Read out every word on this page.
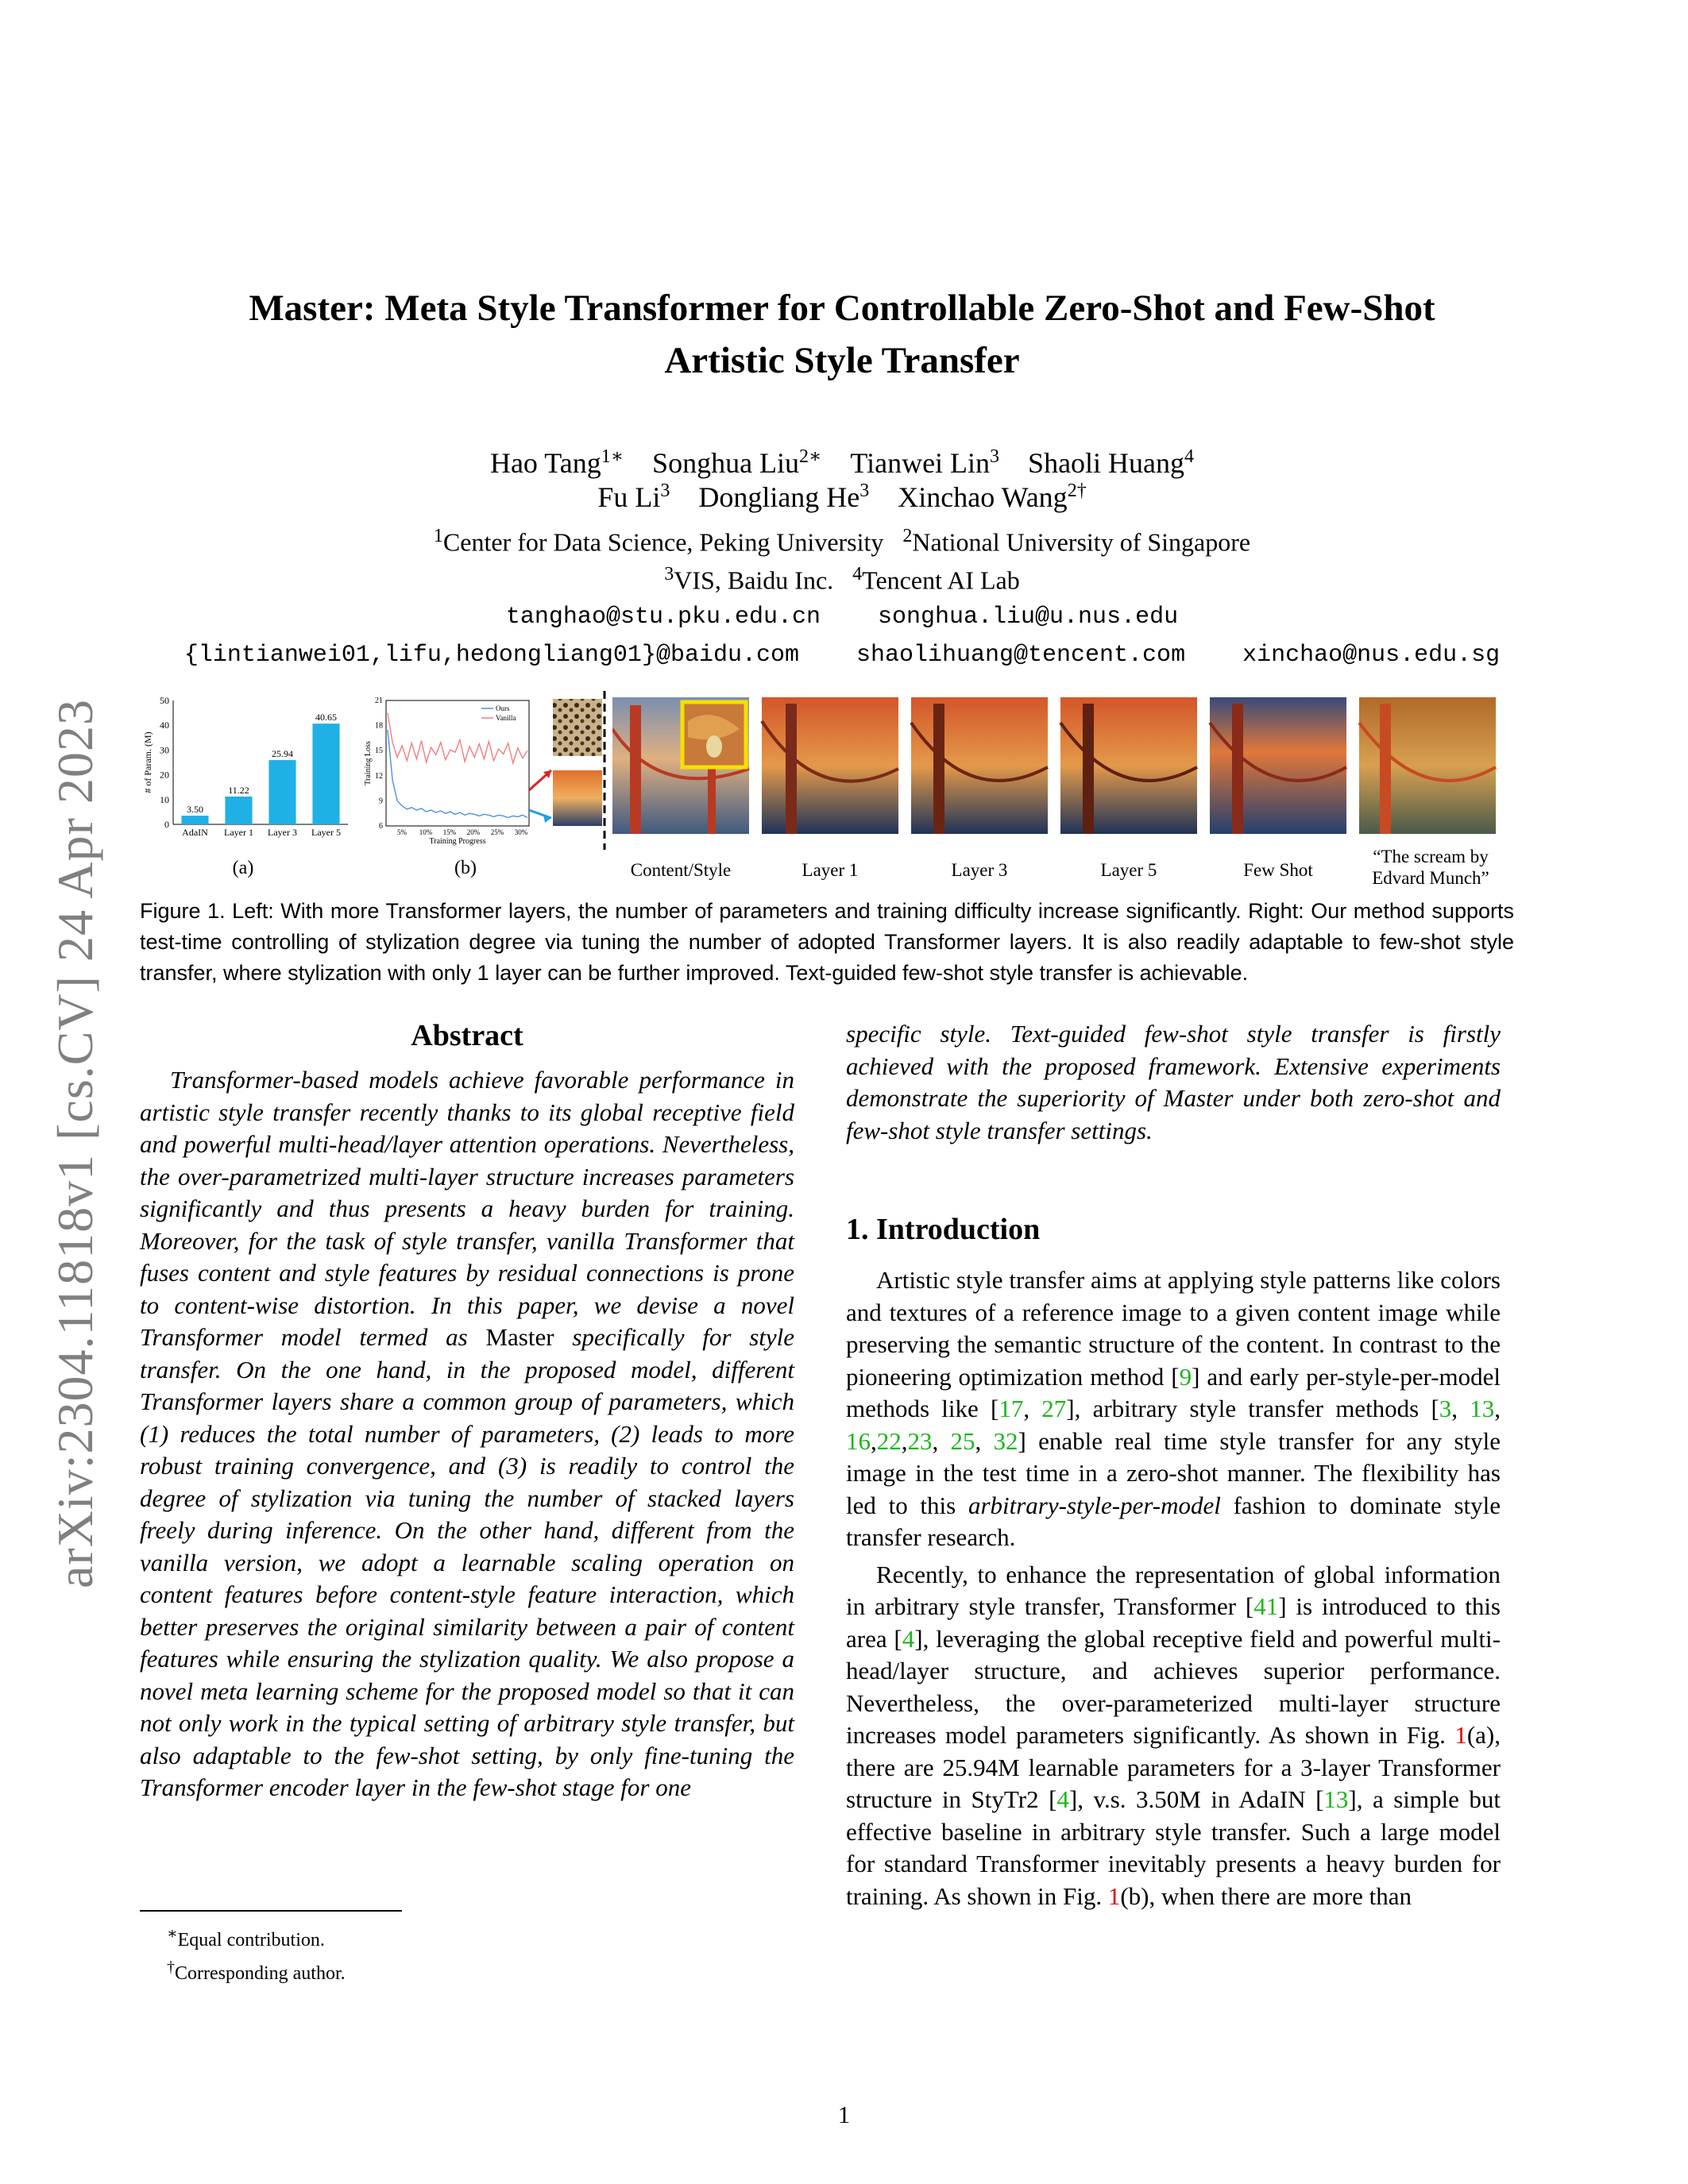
arXiv:2304.11818v1 [cs.CV] 24 Apr 2023
Master: Meta Style Transformer for Controllable Zero-Shot and Few-Shot
Artistic Style Transfer
Hao Tang$^{1∗}$ Songhua Liu$^{2∗}$ Tianwei Lin$^3$ Shaoli Huang$^4$
Fu Li$^3$ Dongliang He$^3$ Xinchao Wang$^{2\dagger}$
$^1$Center for Data Science, Peking University $^2$National University of Singapore
$^3$VIS, Baidu Inc. $^4$Tencent AI Lab
tanghao@stu.pku.edu.cn songhua.liu@u.nus.edu
{lintianwei01,lifu,hedongliang01}@baidu.com shaolihuang@tencent.com xinchao@nus.edu.sg
0
10
20
30
40
50
3.50
AdaIN
11.22
Layer 1
25.94
Layer 3
40.65
Layer 5
# of Param. (M)
(a)
6
9
12
15
18
21
5% 10% 15% 20% 25% 30%
Ours
Vanilla
Training Progress
Training Loss
(b)	Content/Style	Layer 1	Layer 3	Layer 5	Few Shot
“The scream by
Edvard Munch”
Figure 1. Left: With more Transformer layers, the number of parameters and training difficulty increase significantly. Right: Our method supports test-time controlling of stylization degree via tuning the number of adopted Transformer layers. It is also readily adaptable to few-shot style transfer, where stylization with only 1 layer can be further improved. Text-guided few-shot style transfer is achievable.
Abstract

Transformer-based models achieve favorable performance in artistic style transfer recently thanks to its global receptive field and powerful multi-head/layer attention operations. Nevertheless, the over-parametrized multi-layer structure increases parameters significantly and thus presents a heavy burden for training. Moreover, for the task of style transfer, vanilla Transformer that fuses content and style features by residual connections is prone to content-wise distortion. In this paper, we devise a novel Transformer model termed as Master specifically for style transfer. On the one hand, in the proposed model, different Transformer layers share a common group of parameters, which (1) reduces the total number of parameters, (2) leads to more robust training convergence, and (3) is readily to control the degree of stylization via tuning the number of stacked layers freely during inference. On the other hand, different from the vanilla version, we adopt a learnable scaling operation on content features before content-style feature interaction, which better preserves the original similarity between a pair of content features while ensuring the stylization quality. We also propose a novel meta learning scheme for the proposed model so that it can not only work in the typical setting of arbitrary style transfer, but also adaptable to the few-shot setting, by only fine-tuning the Transformer encoder layer in the few-shot stage for one

∗Equal contribution.
†Corresponding author.

specific style. Text-guided few-shot style transfer is firstly achieved with the proposed framework. Extensive experiments demonstrate the superiority of Master under both zero-shot and few-shot style transfer settings.

1. Introduction

Artistic style transfer aims at applying style patterns like colors and textures of a reference image to a given content image while preserving the semantic structure of the content. In contrast to the pioneering optimization method [9] and early per-style-per-model methods like [17, 27], arbitrary style transfer methods [3, 13, 16,22,23, 25, 32] enable real time style transfer for any style image in the test time in a zero-shot manner. The flexibility has led to this arbitrary-style-per-model fashion to dominate style transfer research.

Recently, to enhance the representation of global information in arbitrary style transfer, Transformer [41] is introduced to this area [4], leveraging the global receptive field and powerful multi-head/layer structure, and achieves superior performance. Nevertheless, the over-parameterized multi-layer structure increases model parameters significantly. As shown in Fig. 1(a), there are 25.94M learnable parameters for a 3-layer Transformer structure in StyTr2 [4], v.s. 3.50M in AdaIN [13], a simple but effective baseline in arbitrary style transfer. Such a large model for standard Transformer inevitably presents a heavy burden for training. As shown in Fig. 1(b), when there are more than

1
